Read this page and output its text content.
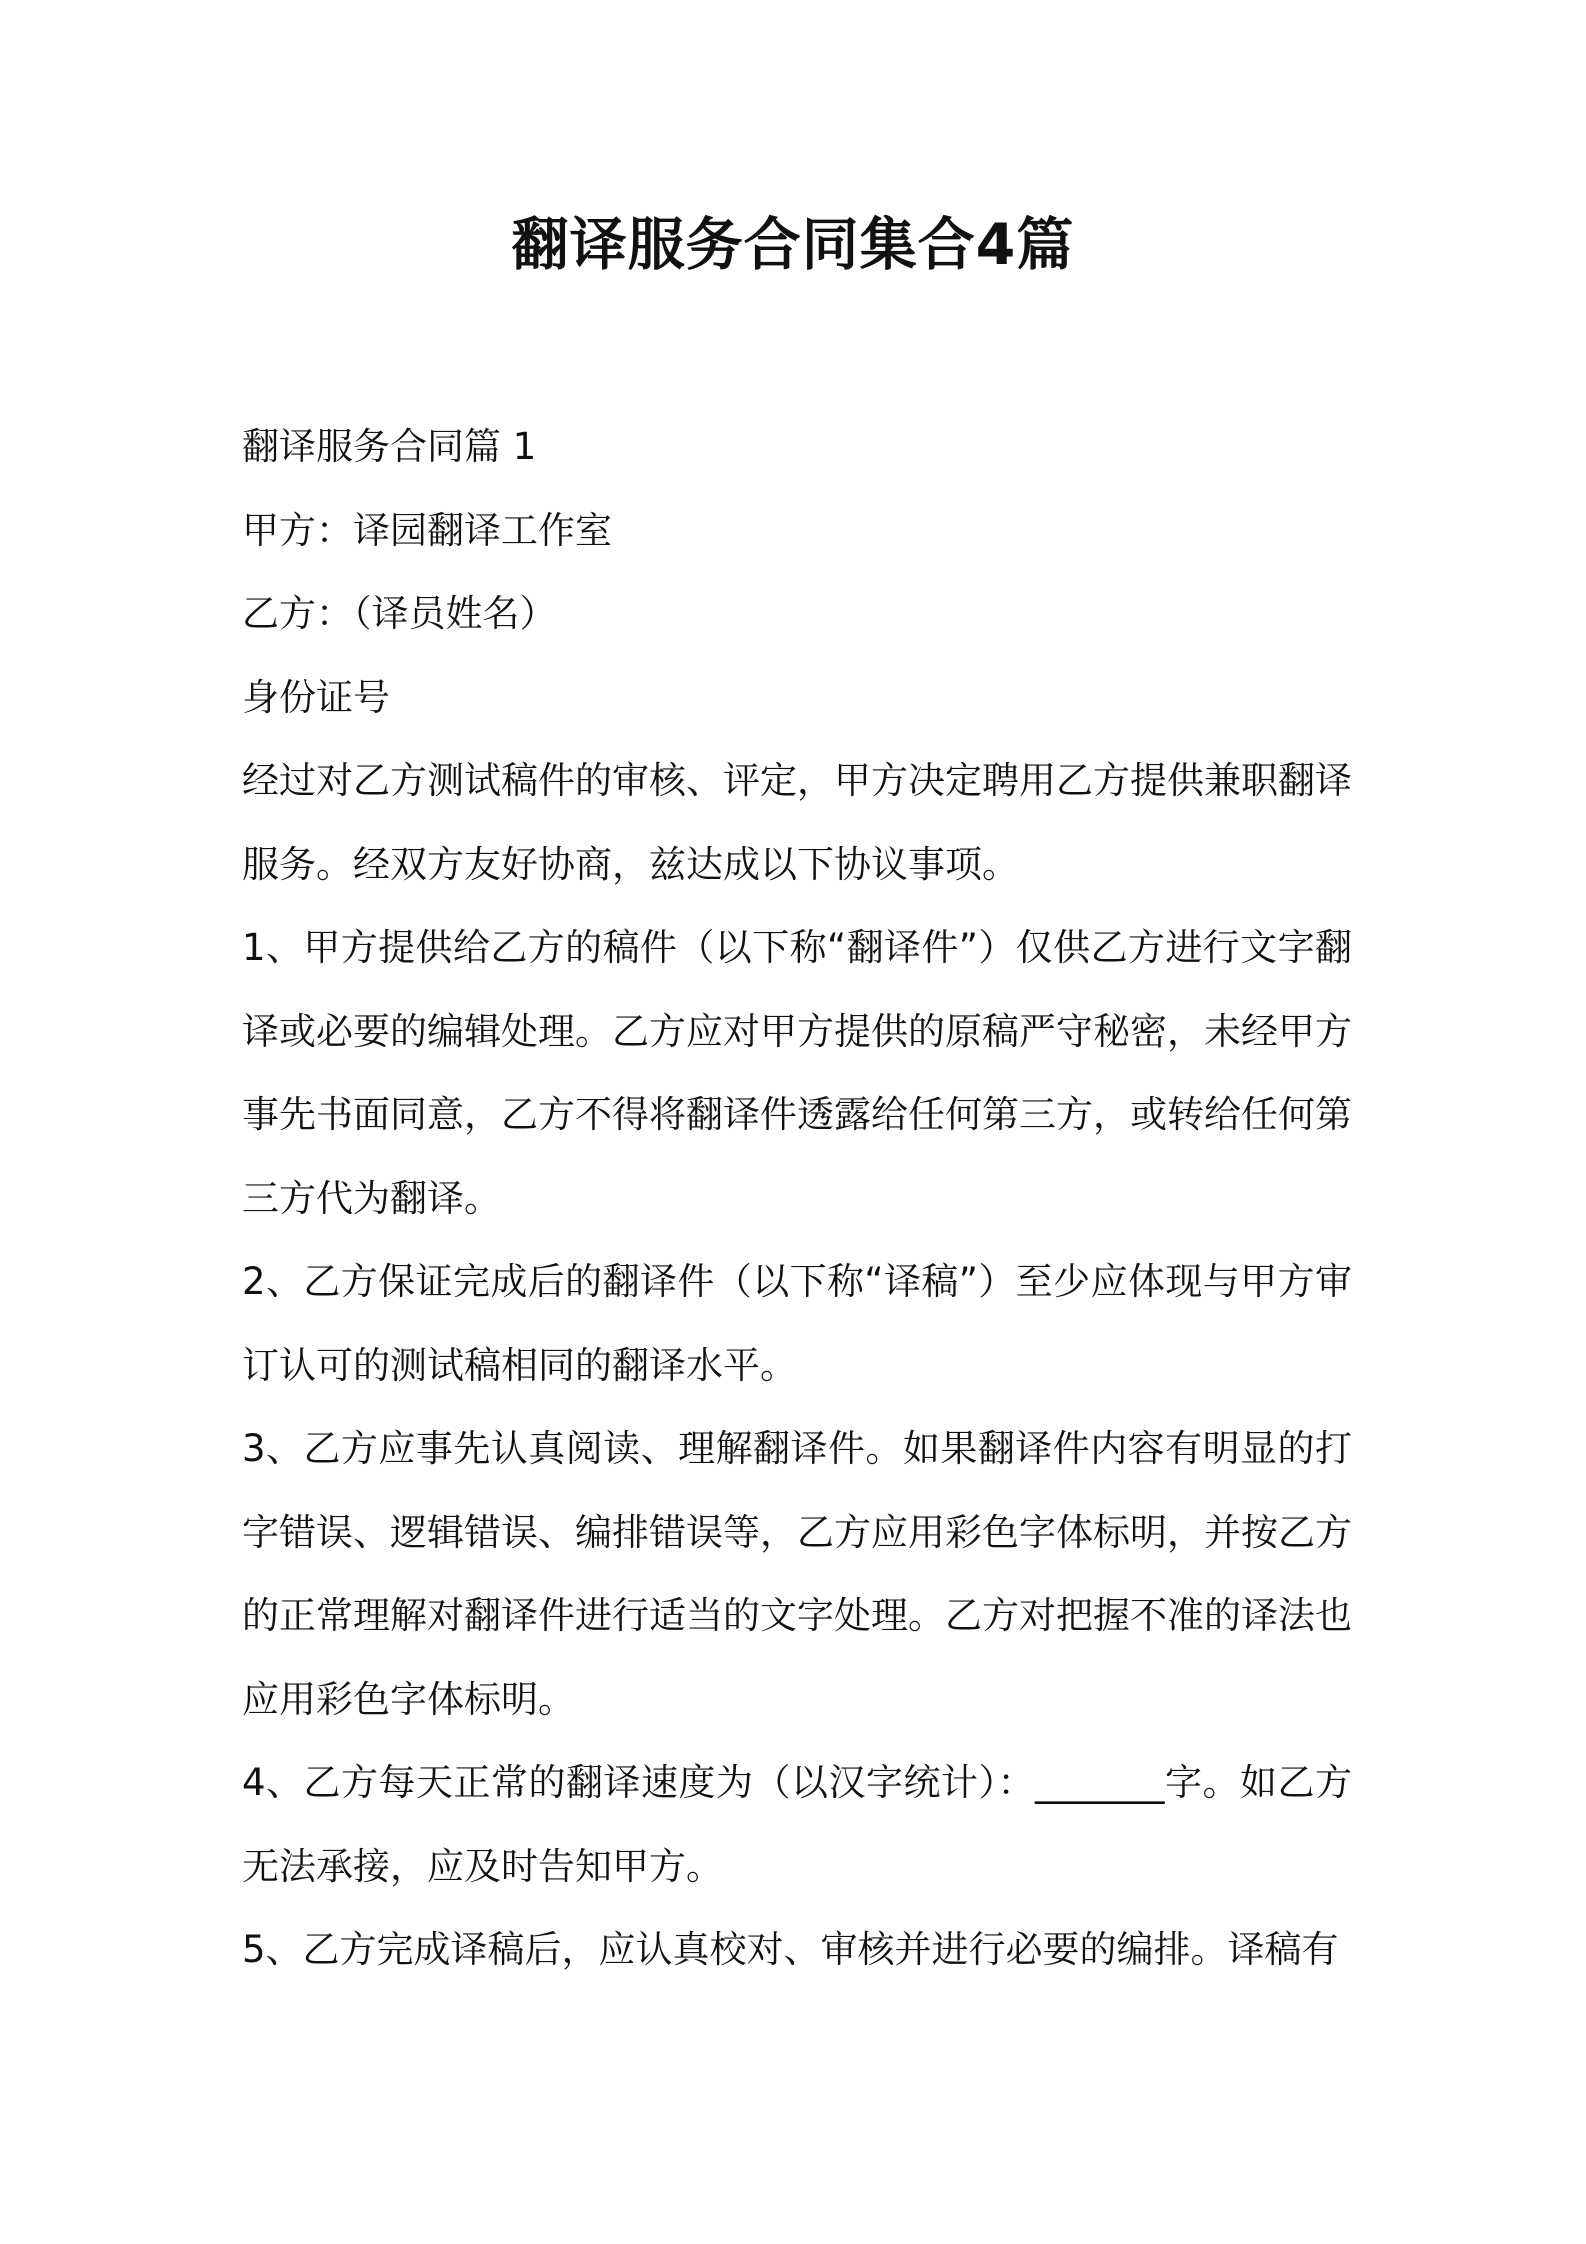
翻译服务合同集合4篇

翻译服务合同篇 1

甲方：译园翻译工作室

乙方：（译员姓名）

身份证号

经过对乙方测试稿件的审核、评定，甲方决定聘用乙方提供兼职翻译服务。经双方友好协商，兹达成以下协议事项。

1、甲方提供给乙方的稿件（以下称“翻译件”）仅供乙方进行文字翻译或必要的编辑处理。乙方应对甲方提供的原稿严守秘密，未经甲方事先书面同意，乙方不得将翻译件透露给任何第三方，或转给任何第三方代为翻译。

2、乙方保证完成后的翻译件（以下称“译稿”）至少应体现与甲方审订认可的测试稿相同的翻译水平。

3、乙方应事先认真阅读、理解翻译件。如果翻译件内容有明显的打字错误、逻辑错误、编排错误等，乙方应用彩色字体标明，并按乙方的正常理解对翻译件进行适当的文字处理。乙方对把握不准的译法也应用彩色字体标明。

4、乙方每天正常的翻译速度为（以汉字统计）：_______字。如乙方无法承接，应及时告知甲方。

5、乙方完成译稿后，应认真校对、审核并进行必要的编排。译稿有
